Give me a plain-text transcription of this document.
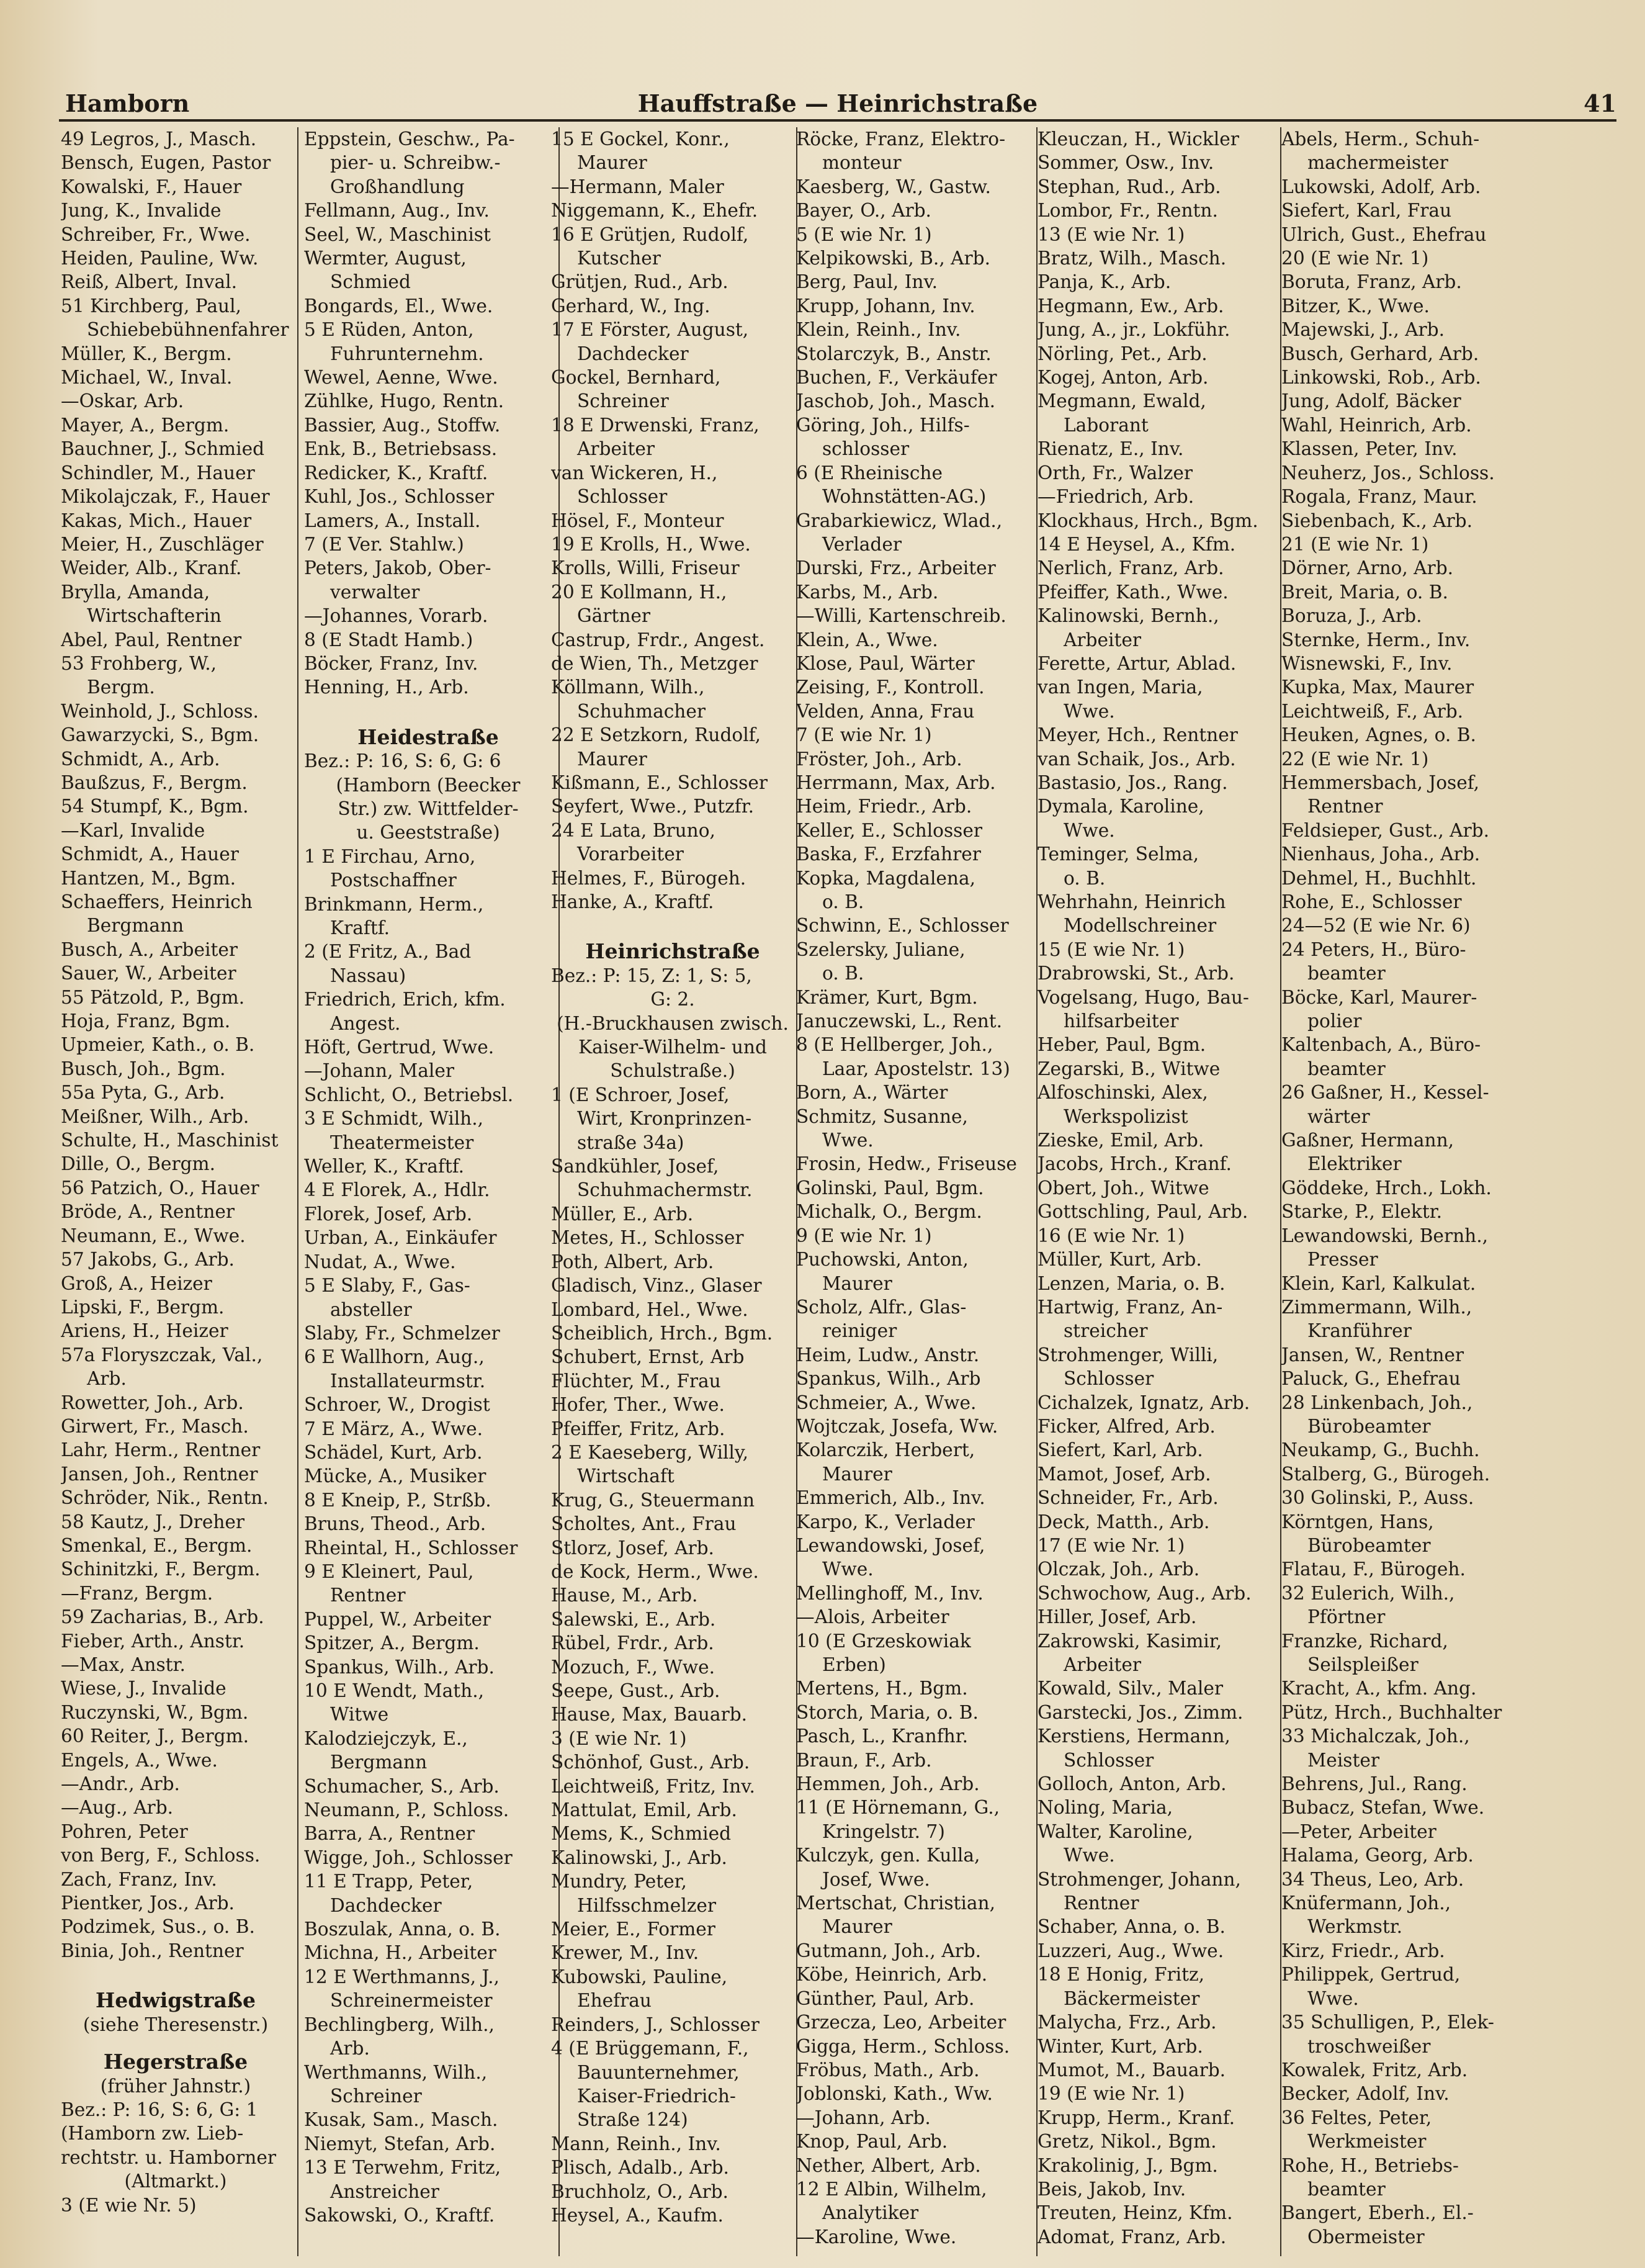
Hamborn	Hauffstraße — Heinrichstraße	41
49 Legros, J., Masch.
Bensch, Eugen, Pastor
Kowalski, F., Hauer
Jung, K., Invalide
Schreiber, Fr., Wwe.
Heiden, Pauline, Ww.
Reiß, Albert, Inval.
51 Kirchberg, Paul,
Schiebebühnenfahrer
Müller, K., Bergm.
Michael, W., Inval.
—Oskar, Arb.
Mayer, A., Bergm.
Bauchner, J., Schmied
Schindler, M., Hauer
Mikolajczak, F., Hauer
Kakas, Mich., Hauer
Meier, H., Zuschläger
Weider, Alb., Kranf.
Brylla, Amanda,
Wirtschafterin
Abel, Paul, Rentner
53 Frohberg, W.,
Bergm.
Weinhold, J., Schloss.
Gawarzycki, S., Bgm.
Schmidt, A., Arb.
Baußzus, F., Bergm.
54 Stumpf, K., Bgm.
—Karl, Invalide
Schmidt, A., Hauer
Hantzen, M., Bgm.
Schaeffers, Heinrich
Bergmann
Busch, A., Arbeiter
Sauer, W., Arbeiter
55 Pätzold, P., Bgm.
Hoja, Franz, Bgm.
Upmeier, Kath., o. B.
Busch, Joh., Bgm.
55a Pyta, G., Arb.
Meißner, Wilh., Arb.
Schulte, H., Maschinist
Dille, O., Bergm.
56 Patzich, O., Hauer
Bröde, A., Rentner
Neumann, E., Wwe.
57 Jakobs, G., Arb.
Groß, A., Heizer
Lipski, F., Bergm.
Ariens, H., Heizer
57a Floryszczak, Val.,
Arb.
Rowetter, Joh., Arb.
Girwert, Fr., Masch.
Lahr, Herm., Rentner
Jansen, Joh., Rentner
Schröder, Nik., Rentn.
58 Kautz, J., Dreher
Smenkal, E., Bergm.
Schinitzki, F., Bergm.
—Franz, Bergm.
59 Zacharias, B., Arb.
Fieber, Arth., Anstr.
—Max, Anstr.
Wiese, J., Invalide
Ruczynski, W., Bgm.
60 Reiter, J., Bergm.
Engels, A., Wwe.
—Andr., Arb.
—Aug., Arb.
Pohren, Peter
von Berg, F., Schloss.
Zach, Franz, Inv.
Pientker, Jos., Arb.
Podzimek, Sus., o. B.
Binia, Joh., Rentner
Hedwigstraße
(siehe Theresenstr.)
Hegerstraße
(früher Jahnstr.)
Bez.: P: 16, S: 6, G: 1
(Hamborn zw. Lieb-
rechtstr. u. Hamborner
(Altmarkt.)
3 (E wie Nr. 5)
Eppstein, Geschw., Pa-
pier- u. Schreibw.-
Großhandlung
Fellmann, Aug., Inv.
Seel, W., Maschinist
Wermter, August,
Schmied
Bongards, El., Wwe.
5 E Rüden, Anton,
Fuhrunternehm.
Wewel, Aenne, Wwe.
Zühlke, Hugo, Rentn.
Bassier, Aug., Stoffw.
Enk, B., Betriebsass.
Redicker, K., Kraftf.
Kuhl, Jos., Schlosser
Lamers, A., Install.
7 (E Ver. Stahlw.)
Peters, Jakob, Ober-
verwalter
—Johannes, Vorarb.
8 (E Stadt Hamb.)
Böcker, Franz, Inv.
Henning, H., Arb.
Heidestraße
Bez.: P: 16, S: 6, G: 6
(Hamborn (Beecker
Str.) zw. Wittfelder-
u. Geeststraße)
1 E Firchau, Arno,
Postschaffner
Brinkmann, Herm.,
Kraftf.
2 (E Fritz, A., Bad
Nassau)
Friedrich, Erich, kfm.
Angest.
Höft, Gertrud, Wwe.
—Johann, Maler
Schlicht, O., Betriebsl.
3 E Schmidt, Wilh.,
Theatermeister
Weller, K., Kraftf.
4 E Florek, A., Hdlr.
Florek, Josef, Arb.
Urban, A., Einkäufer
Nudat, A., Wwe.
5 E Slaby, F., Gas-
absteller
Slaby, Fr., Schmelzer
6 E Wallhorn, Aug.,
Installateurmstr.
Schroer, W., Drogist
7 E März, A., Wwe.
Schädel, Kurt, Arb.
Mücke, A., Musiker
8 E Kneip, P., Strßb.
Bruns, Theod., Arb.
Rheintal, H., Schlosser
9 E Kleinert, Paul,
Rentner
Puppel, W., Arbeiter
Spitzer, A., Bergm.
Spankus, Wilh., Arb.
10 E Wendt, Math.,
Witwe
Kalodziejczyk, E.,
Bergmann
Schumacher, S., Arb.
Neumann, P., Schloss.
Barra, A., Rentner
Wigge, Joh., Schlosser
11 E Trapp, Peter,
Dachdecker
Boszulak, Anna, o. B.
Michna, H., Arbeiter
12 E Werthmanns, J.,
Schreinermeister
Bechlingberg, Wilh.,
Arb.
Werthmanns, Wilh.,
Schreiner
Kusak, Sam., Masch.
Niemyt, Stefan, Arb.
13 E Terwehm, Fritz,
Anstreicher
Sakowski, O., Kraftf.
15 E Gockel, Konr.,
Maurer
—Hermann, Maler
Niggemann, K., Ehefr.
16 E Grütjen, Rudolf,
Kutscher
Grütjen, Rud., Arb.
Gerhard, W., Ing.
17 E Förster, August,
Dachdecker
Gockel, Bernhard,
Schreiner
18 E Drwenski, Franz,
Arbeiter
van Wickeren, H.,
Schlosser
Hösel, F., Monteur
19 E Krolls, H., Wwe.
Krolls, Willi, Friseur
20 E Kollmann, H.,
Gärtner
Castrup, Frdr., Angest.
de Wien, Th., Metzger
Köllmann, Wilh.,
Schuhmacher
22 E Setzkorn, Rudolf,
Maurer
Kißmann, E., Schlosser
Seyfert, Wwe., Putzfr.
24 E Lata, Bruno,
Vorarbeiter
Helmes, F., Bürogeh.
Hanke, A., Kraftf.
Heinrichstraße
Bez.: P: 15, Z: 1, S: 5,
G: 2.
(H.-Bruckhausen zwisch.
Kaiser-Wilhelm- und
Schulstraße.)
1 (E Schroer, Josef,
Wirt, Kronprinzen-
straße 34a)
Sandkühler, Josef,
Schuhmachermstr.
Müller, E., Arb.
Metes, H., Schlosser
Poth, Albert, Arb.
Gladisch, Vinz., Glaser
Lombard, Hel., Wwe.
Scheiblich, Hrch., Bgm.
Schubert, Ernst, Arb
Flüchter, M., Frau
Hofer, Ther., Wwe.
Pfeiffer, Fritz, Arb.
2 E Kaeseberg, Willy,
Wirtschaft
Krug, G., Steuermann
Scholtes, Ant., Frau
Stlorz, Josef, Arb.
de Kock, Herm., Wwe.
Hause, M., Arb.
Salewski, E., Arb.
Rübel, Frdr., Arb.
Mozuch, F., Wwe.
Seepe, Gust., Arb.
Hause, Max, Bauarb.
3 (E wie Nr. 1)
Schönhof, Gust., Arb.
Leichtweiß, Fritz, Inv.
Mattulat, Emil, Arb.
Mems, K., Schmied
Kalinowski, J., Arb.
Mundry, Peter,
Hilfsschmelzer
Meier, E., Former
Krewer, M., Inv.
Kubowski, Pauline,
Ehefrau
Reinders, J., Schlosser
4 (E Brüggemann, F.,
Bauunternehmer,
Kaiser-Friedrich-
Straße 124)
Mann, Reinh., Inv.
Plisch, Adalb., Arb.
Bruchholz, O., Arb.
Heysel, A., Kaufm.
Röcke, Franz, Elektro-
monteur
Kaesberg, W., Gastw.
Bayer, O., Arb.
5 (E wie Nr. 1)
Kelpikowski, B., Arb.
Berg, Paul, Inv.
Krupp, Johann, Inv.
Klein, Reinh., Inv.
Stolarczyk, B., Anstr.
Buchen, F., Verkäufer
Jaschob, Joh., Masch.
Göring, Joh., Hilfs-
schlosser
6 (E Rheinische
Wohnstätten-AG.)
Grabarkiewicz, Wlad.,
Verlader
Durski, Frz., Arbeiter
Karbs, M., Arb.
—Willi, Kartenschreib.
Klein, A., Wwe.
Klose, Paul, Wärter
Zeising, F., Kontroll.
Velden, Anna, Frau
7 (E wie Nr. 1)
Fröster, Joh., Arb.
Herrmann, Max, Arb.
Heim, Friedr., Arb.
Keller, E., Schlosser
Baska, F., Erzfahrer
Kopka, Magdalena,
o. B.
Schwinn, E., Schlosser
Szelersky, Juliane,
o. B.
Krämer, Kurt, Bgm.
Januczewski, L., Rent.
8 (E Hellberger, Joh.,
Laar, Apostelstr. 13)
Born, A., Wärter
Schmitz, Susanne,
Wwe.
Frosin, Hedw., Friseuse
Golinski, Paul, Bgm.
Michalk, O., Bergm.
9 (E wie Nr. 1)
Puchowski, Anton,
Maurer
Scholz, Alfr., Glas-
reiniger
Heim, Ludw., Anstr.
Spankus, Wilh., Arb
Schmeier, A., Wwe.
Wojtczak, Josefa, Ww.
Kolarczik, Herbert,
Maurer
Emmerich, Alb., Inv.
Karpo, K., Verlader
Lewandowski, Josef,
Wwe.
Mellinghoff, M., Inv.
—Alois, Arbeiter
10 (E Grzeskowiak
Erben)
Mertens, H., Bgm.
Storch, Maria, o. B.
Pasch, L., Kranfhr.
Braun, F., Arb.
Hemmen, Joh., Arb.
11 (E Hörnemann, G.,
Kringelstr. 7)
Kulczyk, gen. Kulla,
Josef, Wwe.
Mertschat, Christian,
Maurer
Gutmann, Joh., Arb.
Köbe, Heinrich, Arb.
Günther, Paul, Arb.
Grzecza, Leo, Arbeiter
Gigga, Herm., Schloss.
Fröbus, Math., Arb.
Joblonski, Kath., Ww.
—Johann, Arb.
Knop, Paul, Arb.
Nether, Albert, Arb.
12 E Albin, Wilhelm,
Analytiker
—Karoline, Wwe.
Kleuczan, H., Wickler
Sommer, Osw., Inv.
Stephan, Rud., Arb.
Lombor, Fr., Rentn.
13 (E wie Nr. 1)
Bratz, Wilh., Masch.
Panja, K., Arb.
Hegmann, Ew., Arb.
Jung, A., jr., Lokführ.
Nörling, Pet., Arb.
Kogej, Anton, Arb.
Megmann, Ewald,
Laborant
Rienatz, E., Inv.
Orth, Fr., Walzer
—Friedrich, Arb.
Klockhaus, Hrch., Bgm.
14 E Heysel, A., Kfm.
Nerlich, Franz, Arb.
Pfeiffer, Kath., Wwe.
Kalinowski, Bernh.,
Arbeiter
Ferette, Artur, Ablad.
van Ingen, Maria,
Wwe.
Meyer, Hch., Rentner
van Schaik, Jos., Arb.
Bastasio, Jos., Rang.
Dymala, Karoline,
Wwe.
Teminger, Selma,
o. B.
Wehrhahn, Heinrich
Modellschreiner
15 (E wie Nr. 1)
Drabrowski, St., Arb.
Vogelsang, Hugo, Bau-
hilfsarbeiter
Heber, Paul, Bgm.
Zegarski, B., Witwe
Alfoschinski, Alex,
Werkspolizist
Zieske, Emil, Arb.
Jacobs, Hrch., Kranf.
Obert, Joh., Witwe
Gottschling, Paul, Arb.
16 (E wie Nr. 1)
Müller, Kurt, Arb.
Lenzen, Maria, o. B.
Hartwig, Franz, An-
streicher
Strohmenger, Willi,
Schlosser
Cichalzek, Ignatz, Arb.
Ficker, Alfred, Arb.
Siefert, Karl, Arb.
Mamot, Josef, Arb.
Schneider, Fr., Arb.
Deck, Matth., Arb.
17 (E wie Nr. 1)
Olczak, Joh., Arb.
Schwochow, Aug., Arb.
Hiller, Josef, Arb.
Zakrowski, Kasimir,
Arbeiter
Kowald, Silv., Maler
Garstecki, Jos., Zimm.
Kerstiens, Hermann,
Schlosser
Golloch, Anton, Arb.
Noling, Maria,
Walter, Karoline,
Wwe.
Strohmenger, Johann,
Rentner
Schaber, Anna, o. B.
Luzzeri, Aug., Wwe.
18 E Honig, Fritz,
Bäckermeister
Malycha, Frz., Arb.
Winter, Kurt, Arb.
Mumot, M., Bauarb.
19 (E wie Nr. 1)
Krupp, Herm., Kranf.
Gretz, Nikol., Bgm.
Krakolinig, J., Bgm.
Beis, Jakob, Inv.
Treuten, Heinz, Kfm.
Adomat, Franz, Arb.
Abels, Herm., Schuh-
machermeister
Lukowski, Adolf, Arb.
Siefert, Karl, Frau
Ulrich, Gust., Ehefrau
20 (E wie Nr. 1)
Boruta, Franz, Arb.
Bitzer, K., Wwe.
Majewski, J., Arb.
Busch, Gerhard, Arb.
Linkowski, Rob., Arb.
Jung, Adolf, Bäcker
Wahl, Heinrich, Arb.
Klassen, Peter, Inv.
Neuherz, Jos., Schloss.
Rogala, Franz, Maur.
Siebenbach, K., Arb.
21 (E wie Nr. 1)
Dörner, Arno, Arb.
Breit, Maria, o. B.
Boruza, J., Arb.
Sternke, Herm., Inv.
Wisnewski, F., Inv.
Kupka, Max, Maurer
Leichtweiß, F., Arb.
Heuken, Agnes, o. B.
22 (E wie Nr. 1)
Hemmersbach, Josef,
Rentner
Feldsieper, Gust., Arb.
Nienhaus, Joha., Arb.
Dehmel, H., Buchhlt.
Rohe, E., Schlosser
24—52 (E wie Nr. 6)
24 Peters, H., Büro-
beamter
Böcke, Karl, Maurer-
polier
Kaltenbach, A., Büro-
beamter
26 Gaßner, H., Kessel-
wärter
Gaßner, Hermann,
Elektriker
Göddeke, Hrch., Lokh.
Starke, P., Elektr.
Lewandowski, Bernh.,
Presser
Klein, Karl, Kalkulat.
Zimmermann, Wilh.,
Kranführer
Jansen, W., Rentner
Paluck, G., Ehefrau
28 Linkenbach, Joh.,
Bürobeamter
Neukamp, G., Buchh.
Stalberg, G., Bürogeh.
30 Golinski, P., Auss.
Körntgen, Hans,
Bürobeamter
Flatau, F., Bürogeh.
32 Eulerich, Wilh.,
Pförtner
Franzke, Richard,
Seilspleißer
Kracht, A., kfm. Ang.
Pütz, Hrch., Buchhalter
33 Michalczak, Joh.,
Meister
Behrens, Jul., Rang.
Bubacz, Stefan, Wwe.
—Peter, Arbeiter
Halama, Georg, Arb.
34 Theus, Leo, Arb.
Knüfermann, Joh.,
Werkmstr.
Kirz, Friedr., Arb.
Philippek, Gertrud,
Wwe.
35 Schulligen, P., Elek-
troschweißer
Kowalek, Fritz, Arb.
Becker, Adolf, Inv.
36 Feltes, Peter,
Werkmeister
Rohe, H., Betriebs-
beamter
Bangert, Eberh., El.-
Obermeister
